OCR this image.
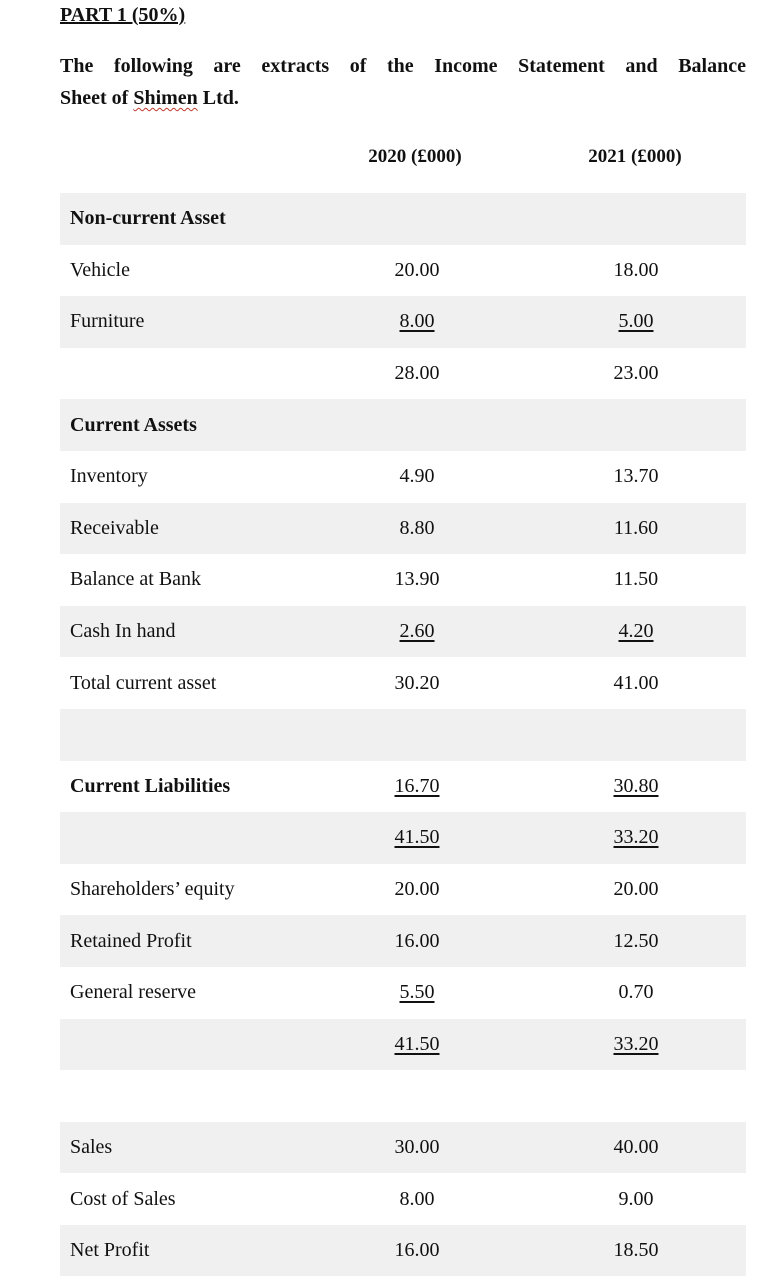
PART 1 (50%)
The following are extracts of the Income Statement and Balance
Sheet of Shimen Ltd.
2020 (£000)	2021 (£000)
Non-current Asset
Vehicle	20.00	18.00
Furniture	8.00	5.00
28.00	23.00
Current Assets
Inventory	4.90	13.70
Receivable	8.80	11.60
Balance at Bank	13.90	11.50
Cash In hand	2.60	4.20
Total current asset	30.20	41.00
Current Liabilities	16.70	30.80
41.50	33.20
Shareholders’ equity	20.00	20.00
Retained Profit	16.00	12.50
General reserve	5.50	0.70
41.50	33.20
Sales	30.00	40.00
Cost of Sales	8.00	9.00
Net Profit	16.00	18.50
